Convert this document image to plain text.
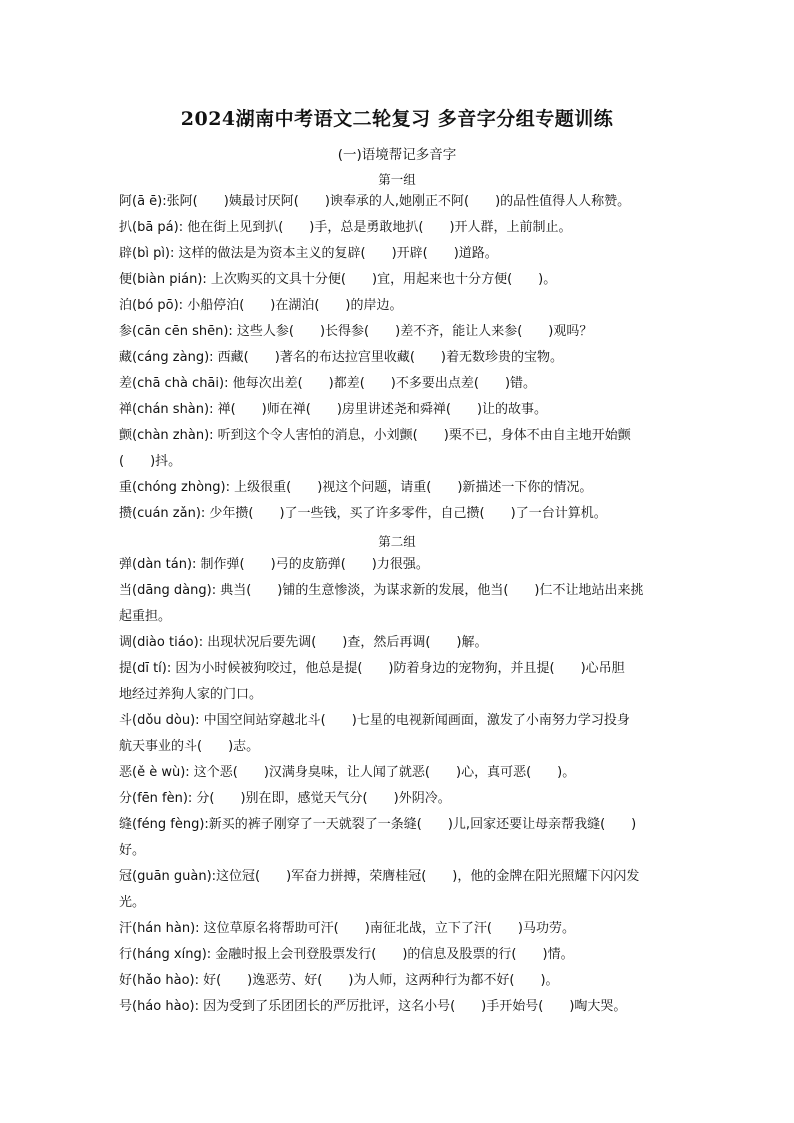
2024湖南中考语文二轮复习 多音字分组专题训练
(一)语境帮记多音字
第一组
阿(ā ē):张阿(　　)姨最讨厌阿(　　)谀奉承的人,她刚正不阿(　　)的品性值得人人称赞。
扒(bā pá): 他在街上见到扒(　　)手，总是勇敢地扒(　　)开人群，上前制止。
辟(bì pì): 这样的做法是为资本主义的复辟(　　)开辟(　　)道路。
便(biàn pián): 上次购买的文具十分便(　　)宜，用起来也十分方便(　　)。
泊(bó pō): 小船停泊(　　)在湖泊(　　)的岸边。
参(cān cēn shēn): 这些人参(　　)长得参(　　)差不齐，能让人来参(　　)观吗？
藏(cáng zàng): 西藏(　　)著名的布达拉宫里收藏(　　)着无数珍贵的宝物。
差(chā chà chāi): 他每次出差(　　)都差(　　)不多要出点差(　　)错。
禅(chán shàn): 禅(　　)师在禅(　　)房里讲述尧和舜禅(　　)让的故事。
颤(chàn zhàn): 听到这个令人害怕的消息，小刘颤(　　)栗不已，身体不由自主地开始颤
(　　)抖。
重(chóng zhòng): 上级很重(　　)视这个问题，请重(　　)新描述一下你的情况。
攒(cuán zǎn): 少年攒(　　)了一些钱，买了许多零件，自己攒(　　)了一台计算机。
第二组
弹(dàn tán): 制作弹(　　)弓的皮筋弹(　　)力很强。
当(dāng dàng): 典当(　　)铺的生意惨淡，为谋求新的发展，他当(　　)仁不让地站出来挑
起重担。
调(diào tiáo): 出现状况后要先调(　　)查，然后再调(　　)解。
提(dī tí): 因为小时候被狗咬过，他总是提(　　)防着身边的宠物狗，并且提(　　)心吊胆
地经过养狗人家的门口。
斗(dǒu dòu): 中国空间站穿越北斗(　　)七星的电视新闻画面，激发了小南努力学习投身
航天事业的斗(　　)志。
恶(ě è wù): 这个恶(　　)汉满身臭味，让人闻了就恶(　　)心，真可恶(　　)。
分(fēn fèn): 分(　　)别在即，感觉天气分(　　)外阴冷。
缝(féng fèng):新买的裤子刚穿了一天就裂了一条缝(　　)儿,回家还要让母亲帮我缝(　　)
好。
冠(guān guàn):这位冠(　　)军奋力拼搏，荣膺桂冠(　　)，他的金牌在阳光照耀下闪闪发
光。
汗(hán hàn): 这位草原名将帮助可汗(　　)南征北战，立下了汗(　　)马功劳。
行(háng xíng): 金融时报上会刊登股票发行(　　)的信息及股票的行(　　)情。
好(hǎo hào): 好(　　)逸恶劳、好(　　)为人师，这两种行为都不好(　　)。
号(háo hào): 因为受到了乐团团长的严厉批评，这名小号(　　)手开始号(　　)啕大哭。
